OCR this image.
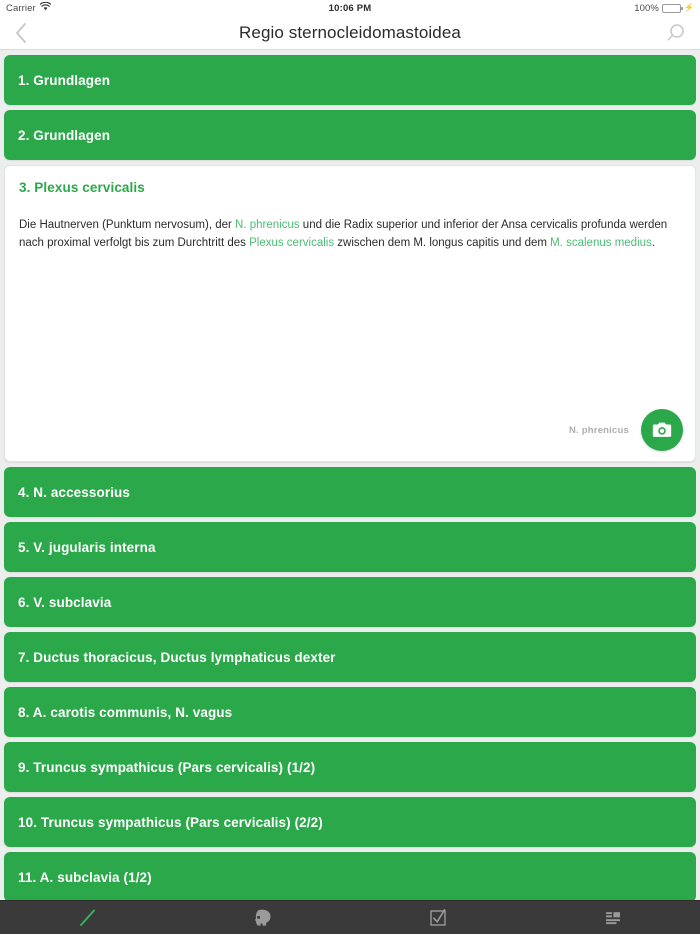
Carrier	10:06 PM	100%	⚡
Regio sternocleidomastoidea
1. Grundlagen
2. Grundlagen
3. Plexus cervicalis
Die Hautnerven (Punktum nervosum), der N. phrenicus und die Radix superior und inferior der Ansa cervicalis profunda werden nach proximal verfolgt bis zum Durchtritt des Plexus cervicalis zwischen dem M. longus capitis und dem M. scalenus medius.
N. phrenicus
4. N. accessorius
5. V. jugularis interna
6. V. subclavia
7. Ductus thoracicus, Ductus lymphaticus dexter
8. A. carotis communis, N. vagus
9. Truncus sympathicus (Pars cervicalis) (1/2)
10. Truncus sympathicus (Pars cervicalis) (2/2)
11. A. subclavia (1/2)
